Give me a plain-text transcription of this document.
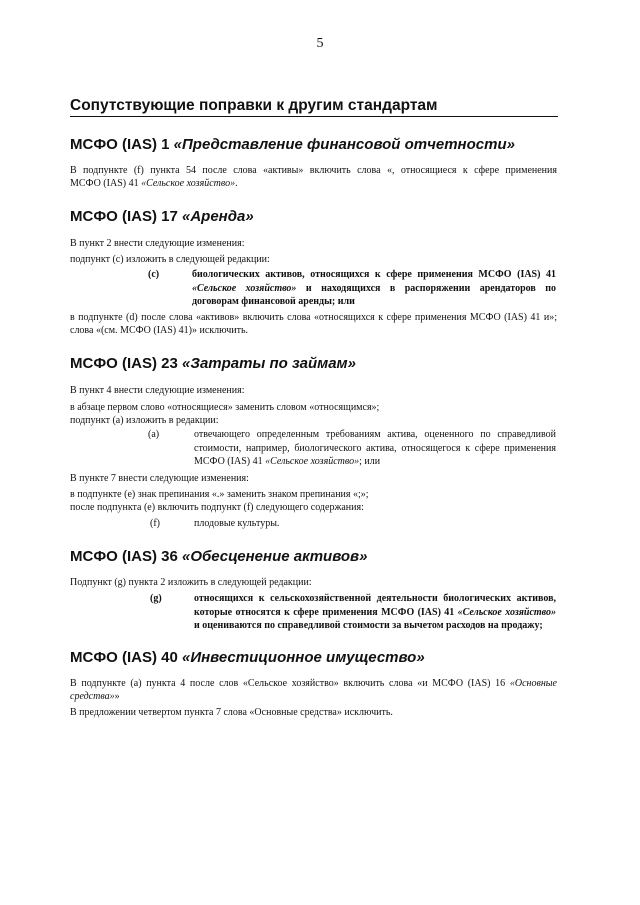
5
Сопутствующие поправки к другим стандартам
МСФО (IAS) 1 «Представление финансовой отчетности»
В подпункте (f) пункта 54 после слова «активы» включить слова «, относящиеся к сфере применения
МСФО (IAS) 41 «Сельское хозяйство».
МСФО (IAS) 17 «Аренда»
В пункт 2 внести следующие изменения:
подпункт (с) изложить в следующей редакции:
(c)	биологических активов, относящихся к сфере применения МСФО (IAS) 41
«Сельское хозяйство» и находящихся в распоряжении арендаторов по
договорам финансовой аренды; или
в подпункте (d) после слова «активов» включить слова «относящихся к сфере применения МСФО (IAS) 41 и»;
слова «(см. МСФО (IAS) 41)» исключить.
МСФО (IAS) 23 «Затраты по займам»
В пункт 4 внести следующие изменения:
в абзаце первом слово «относящиеся» заменить словом «относящимся»;
подпункт (а) изложить в редакции:
(a)	отвечающего определенным требованиям актива, оцененного по справедливой
стоимости, например, биологического актива, относящегося к сфере применения
МСФО (IAS) 41 «Сельское хозяйство»; или
В пункте 7 внести следующие изменения:
в подпункте (е) знак препинания «.» заменить знаком препинания «;»;
после подпункта (е) включить подпункт (f) следующего содержания:
(f)	плодовые культуры.
МСФО (IAS) 36 «Обесценение активов»
Подпункт (g) пункта 2 изложить в следующей редакции:
(g)	относящихся к сельскохозяйственной деятельности биологических активов,
которые относятся к сфере применения МСФО (IAS) 41 «Сельское хозяйство»
и оцениваются по справедливой стоимости за вычетом расходов на продажу;
МСФО (IAS) 40 «Инвестиционное имущество»
В подпункте (а) пункта 4 после слов «Сельское хозяйство» включить слова «и МСФО (IAS) 16 «Основные
средства»»
В предложении четвертом пункта 7 слова «Основные средства» исключить.
